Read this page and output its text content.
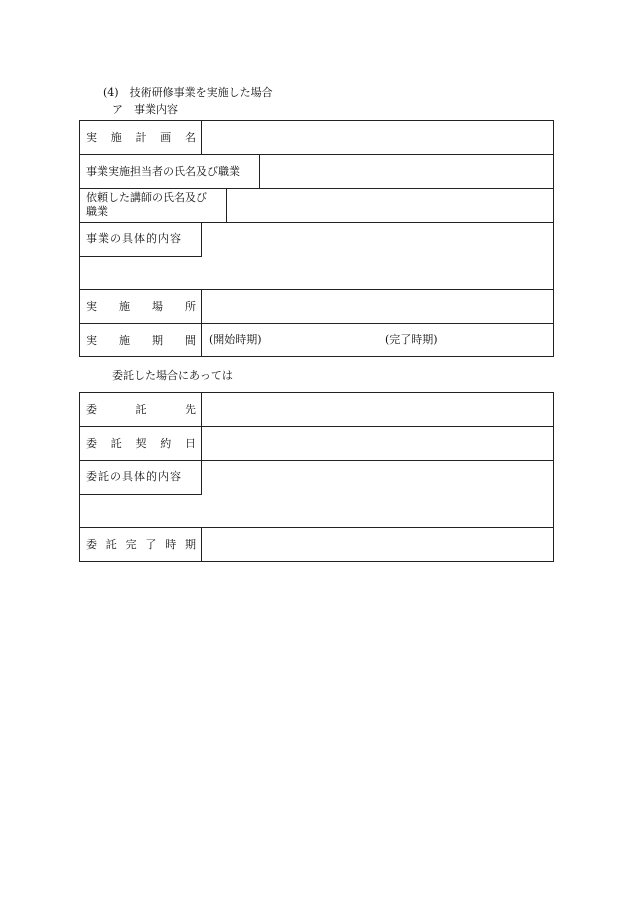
(4)　技術研修事業を実施した場合
ア　事業内容
実 施 計 画 名
事業実施担当者の氏名及び職業
依頼した講師の氏名及び
職業
事業の具体的内容
実 施 場 所
実 施 期 間	(開始時期)	(完了時期)
委託した場合にあっては
委	託	先
委 託 契 約 日
委託の具体的内容
委 託 完 了 時 期
